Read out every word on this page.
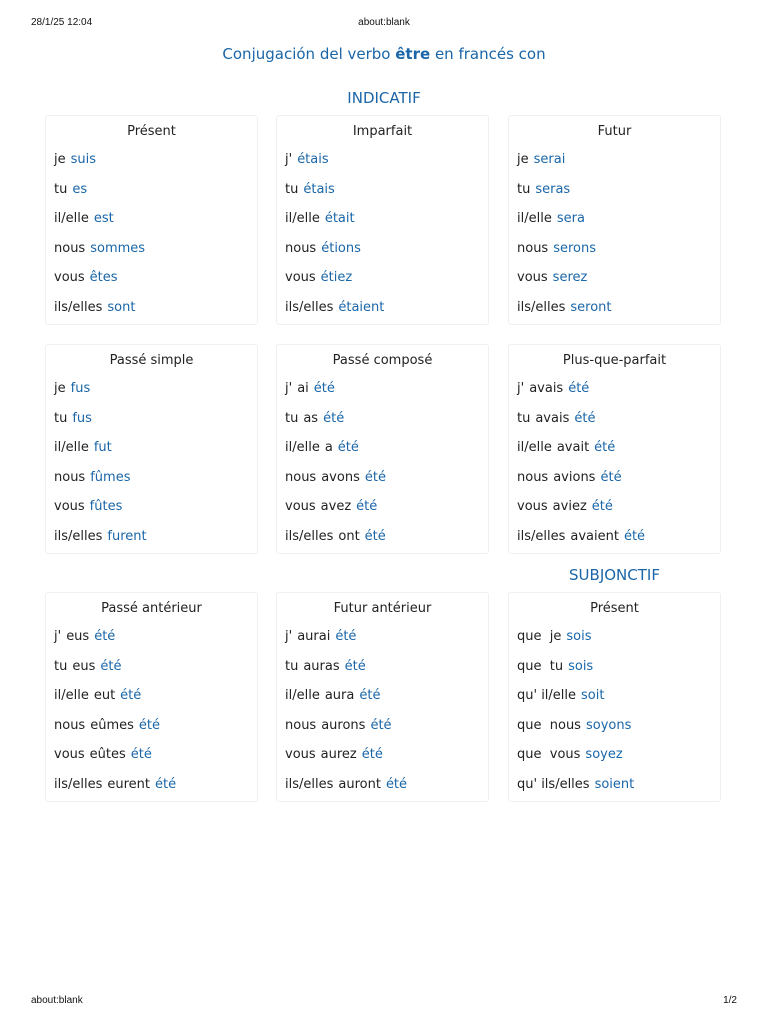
28/1/25 12:04	about:blank
Conjugación del verbo être en francés con
INDICATIF
SUBJONCTIF
Présent
je suis
tu es
il/elle est
nous sommes
vous êtes
ils/elles sont
Imparfait
j' étais
tu étais
il/elle était
nous étions
vous étiez
ils/elles étaient
Futur
je serai
tu seras
il/elle sera
nous serons
vous serez
ils/elles seront
Passé simple
je fus
tu fus
il/elle fut
nous fûmes
vous fûtes
ils/elles furent
Passé composé
j' ai été
tu as été
il/elle a été
nous avons été
vous avez été
ils/elles ont été
Plus-que-parfait
j' avais été
tu avais été
il/elle avait été
nous avions été
vous aviez été
ils/elles avaient été
Passé antérieur
j' eus été
tu eus été
il/elle eut été
nous eûmes été
vous eûtes été
ils/elles eurent été
Futur antérieur
j' aurai été
tu auras été
il/elle aura été
nous aurons été
vous aurez été
ils/elles auront été
Présent
que  je sois
que  tu sois
qu' il/elle soit
que  nous soyons
que  vous soyez
qu' ils/elles soient
about:blank	1/2
